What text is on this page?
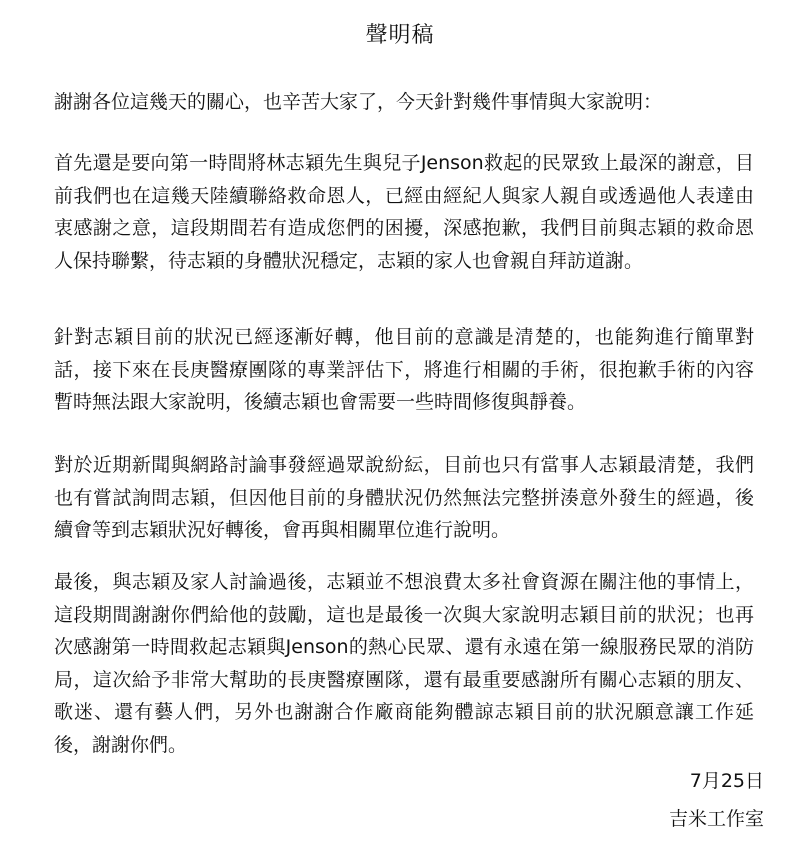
聲明稿

謝謝各位這幾天的關心，也辛苦大家了，今天針對幾件事情與大家說明：

首先還是要向第一時間將林志穎先生與兒子Jenson救起的民眾致上最深的謝意，目前我們也在這幾天陸續聯絡救命恩人，已經由經紀人與家人親自或透過他人表達由衷感謝之意，這段期間若有造成您們的困擾，深感抱歉，我們目前與志穎的救命恩人保持聯繫，待志穎的身體狀況穩定，志穎的家人也會親自拜訪道謝。

針對志穎目前的狀況已經逐漸好轉，他目前的意識是清楚的，也能夠進行簡單對話，接下來在長庚醫療團隊的專業評估下，將進行相關的手術，很抱歉手術的內容暫時無法跟大家說明，後續志穎也會需要一些時間修復與靜養。

對於近期新聞與網路討論事發經過眾說紛紜，目前也只有當事人志穎最清楚，我們也有嘗試詢問志穎，但因他目前的身體狀況仍然無法完整拼湊意外發生的經過，後續會等到志穎狀況好轉後，會再與相關單位進行說明。

最後，與志穎及家人討論過後，志穎並不想浪費太多社會資源在關注他的事情上，這段期間謝謝你們給他的鼓勵，這也是最後一次與大家說明志穎目前的狀況；也再次感謝第一時間救起志穎與Jenson的熱心民眾、還有永遠在第一線服務民眾的消防局，這次給予非常大幫助的長庚醫療團隊，還有最重要感謝所有關心志穎的朋友、歌迷、還有藝人們，另外也謝謝合作廠商能夠體諒志穎目前的狀況願意讓工作延後，謝謝你們。

7月25日
吉米工作室
